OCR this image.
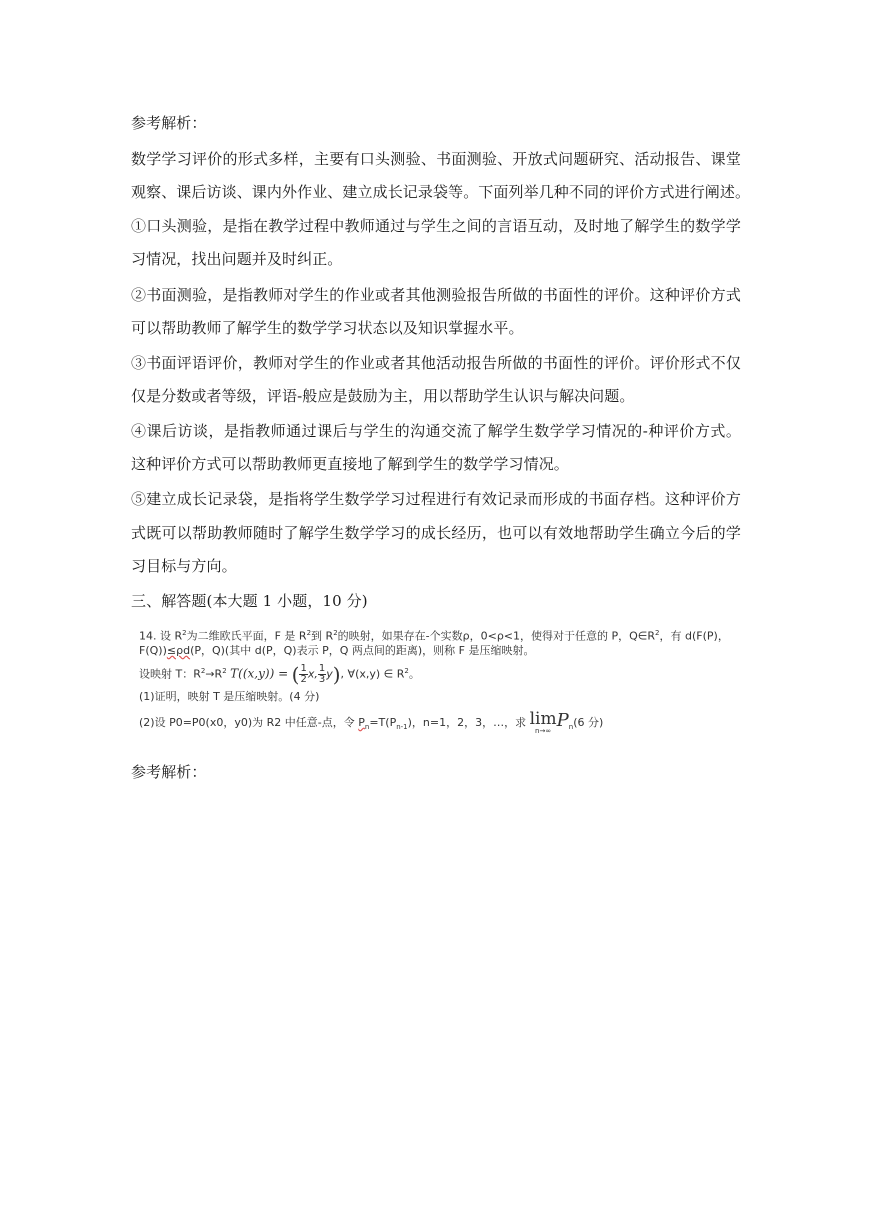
参考解析：
数学学习评价的形式多样，主要有口头测验、书面测验、开放式问题研究、活动报告、课堂
观察、课后访谈、课内外作业、建立成长记录袋等。下面列举几种不同的评价方式进行阐述。
①口头测验，是指在教学过程中教师通过与学生之间的言语互动，及时地了解学生的数学学
习情况，找出问题并及时纠正。
②书面测验，是指教师对学生的作业或者其他测验报告所做的书面性的评价。这种评价方式
可以帮助教师了解学生的数学学习状态以及知识掌握水平。
③书面评语评价，教师对学生的作业或者其他活动报告所做的书面性的评价。评价形式不仅
仅是分数或者等级，评语-般应是鼓励为主，用以帮助学生认识与解决问题。
④课后访谈，是指教师通过课后与学生的沟通交流了解学生数学学习情况的-种评价方式。
这种评价方式可以帮助教师更直接地了解到学生的数学学习情况。
⑤建立成长记录袋，是指将学生数学学习过程进行有效记录而形成的书面存档。这种评价方
式既可以帮助教师随时了解学生数学学习的成长经历，也可以有效地帮助学生确立今后的学
习目标与方向。
三、解答题(本大题 1 小题，10 分)
14. 设 $R^2$为二维欧氏平面，F 是 $R^2$到 $R^2$的映射，如果存在-个实数ρ，0<ρ<1，使得对于任意的 P，$Q\in R^2$，有 d(F(P)，
F(Q))≤ρd(P，Q)(其中 d(P，Q)表示 P，Q 两点间的距离)，则称 F 是压缩映射。
设映射 T：$R^2\to R^2$ T((x,y)) = ( $\frac{1}{2} x$, $\frac{1}{3} y$), ∀(x,y) ∈ $R^2$。
(1)证明，映射 T 是压缩映射。(4 分)
(2)设 P0=P0(x0，y0)为 R2 中任意-点，令 $P_n=T(P_{n-1})$，n=1，2，3，…，求 lim
n→∞ $P_n(6$ 分)
参考解析：
